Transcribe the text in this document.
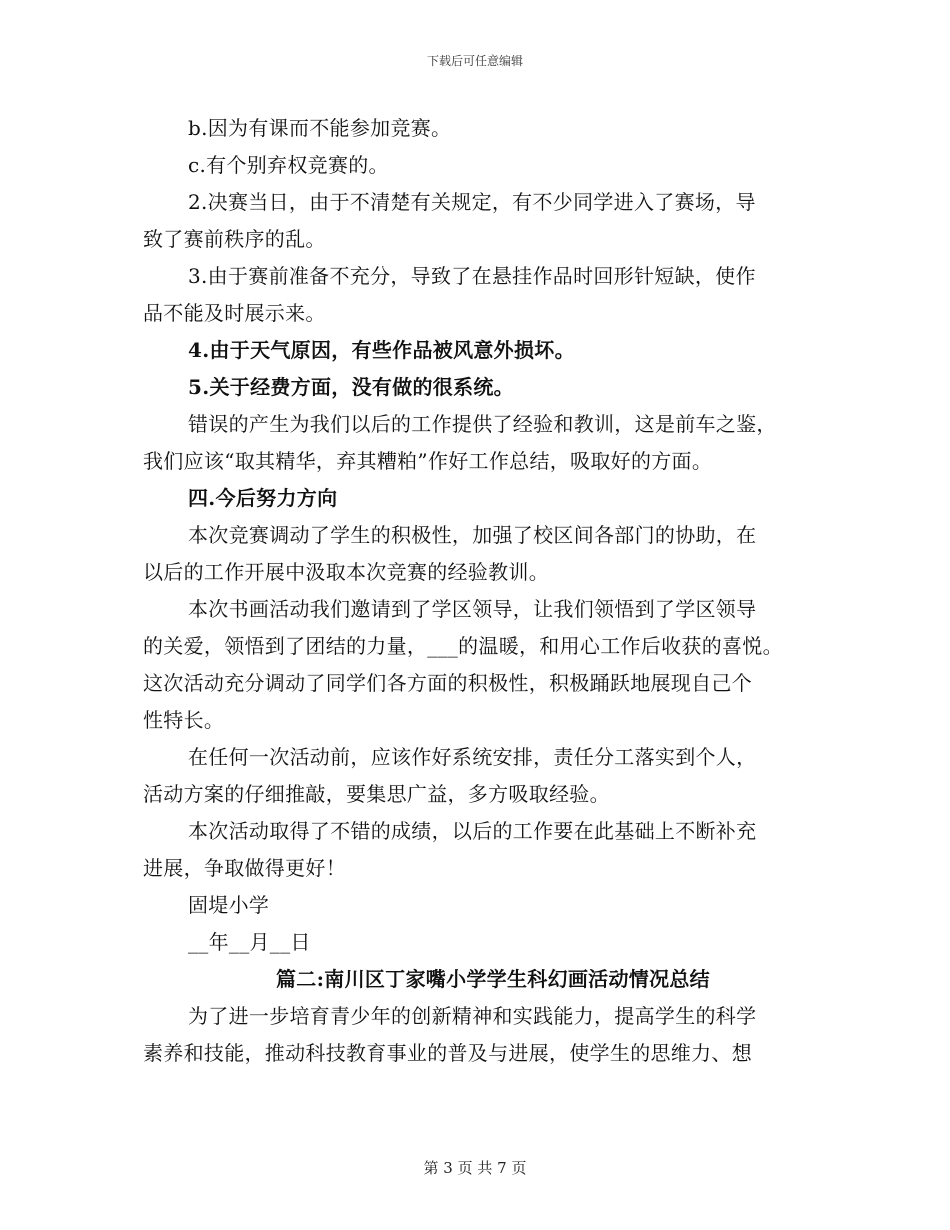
下载后可任意编辑
b.因为有课而不能参加竞赛。
c.有个别弃权竞赛的。
2.决赛当日，由于不清楚有关规定，有不少同学进入了赛场，导
致了赛前秩序的乱。
3.由于赛前准备不充分，导致了在悬挂作品时回形针短缺，使作
品不能及时展示来。
4.由于天气原因，有些作品被风意外损坏。
5.关于经费方面，没有做的很系统。
错误的产生为我们以后的工作提供了经验和教训，这是前车之鉴，
我们应该“取其精华，弃其糟粕”作好工作总结，吸取好的方面。
四.今后努力方向
本次竞赛调动了学生的积极性，加强了校区间各部门的协助，在
以后的工作开展中汲取本次竞赛的经验教训。
本次书画活动我们邀请到了学区领导，让我们领悟到了学区领导
的关爱，领悟到了团结的力量，___的温暖，和用心工作后收获的喜悦。
这次活动充分调动了同学们各方面的积极性，积极踊跃地展现自己个
性特长。
在任何一次活动前，应该作好系统安排，责任分工落实到个人，
活动方案的仔细推敲，要集思广益，多方吸取经验。
本次活动取得了不错的成绩，以后的工作要在此基础上不断补充
进展，争取做得更好！
固堤小学
__年__月__日
篇二:南川区丁家嘴小学学生科幻画活动情况总结
为了进一步培育青少年的创新精神和实践能力，提高学生的科学
素养和技能，推动科技教育事业的普及与进展，使学生的思维力、想
第 3 页 共 7 页
